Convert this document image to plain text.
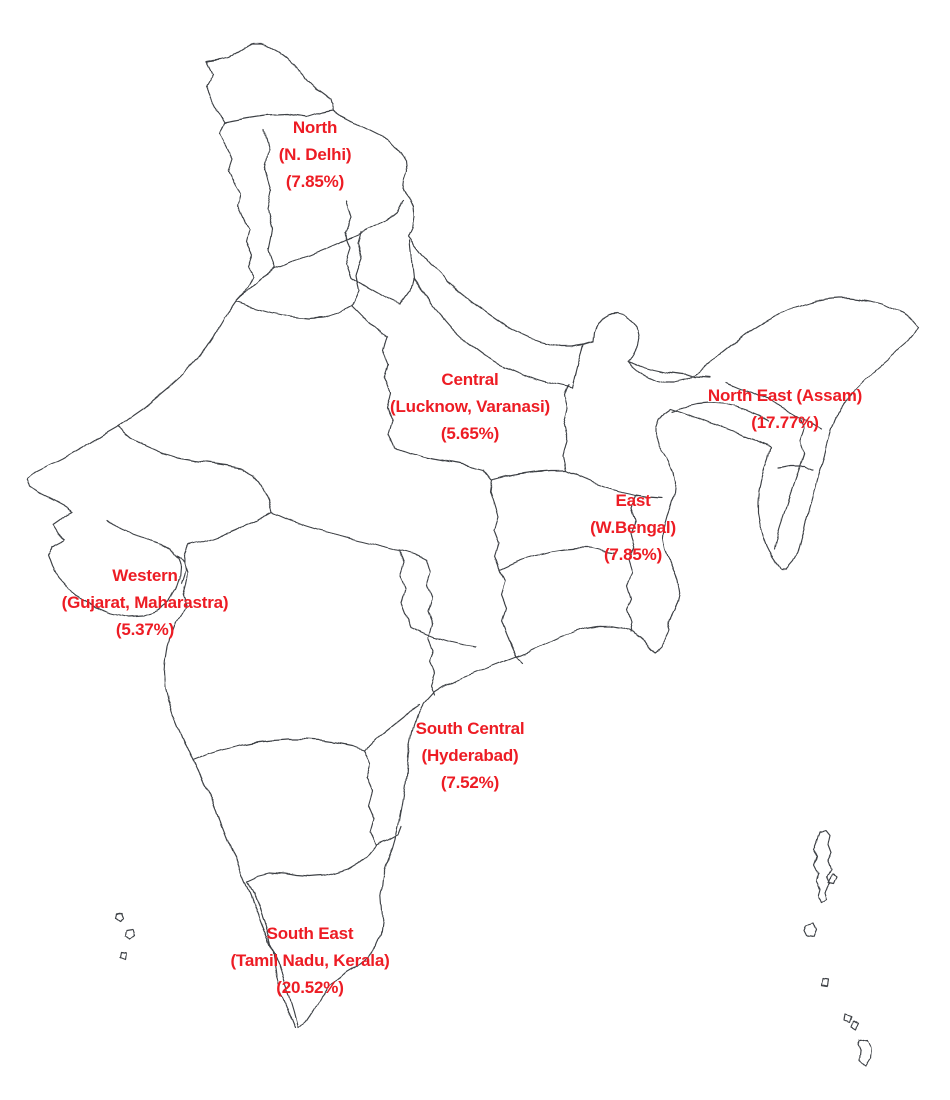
North
(N. Delhi)
(7.85%)
Central
(Lucknow, Varanasi)
(5.65%)
North East (Assam)
(17.77%)
East
(W.Bengal)
(7.85%)
Western
(Gujarat, Maharastra)
(5.37%)
South Central
(Hyderabad)
(7.52%)
South East
(Tamil Nadu, Kerala)
(20.52%)
